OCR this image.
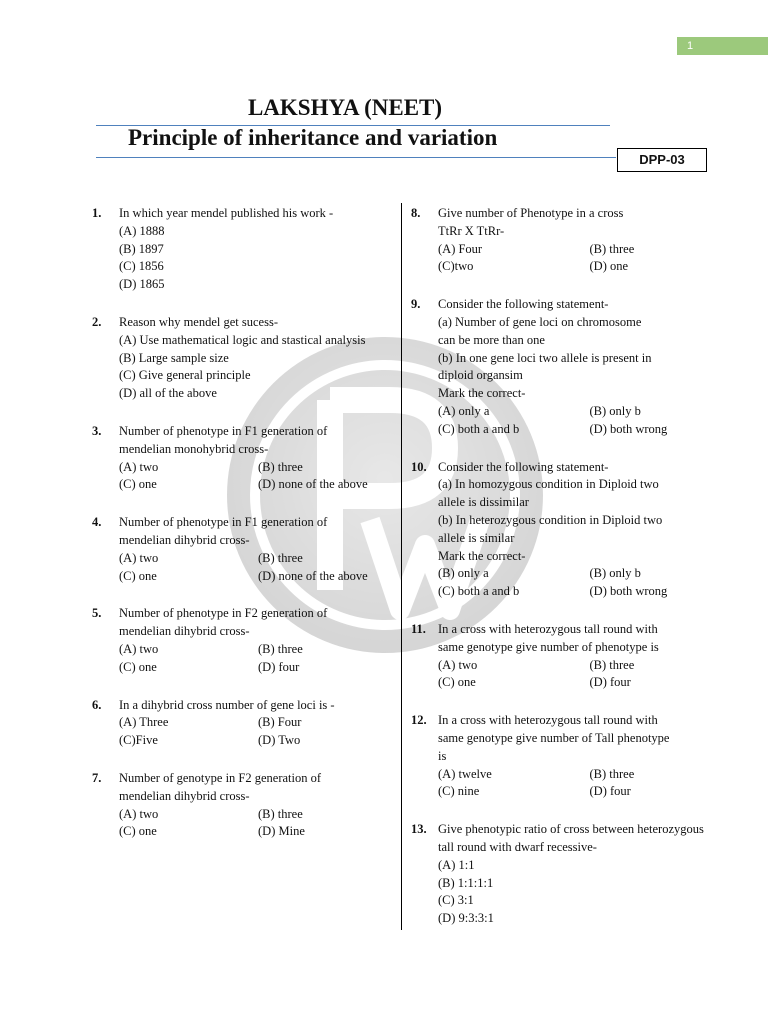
1
LAKSHYA (NEET)
Principle of inheritance and variation
DPP-03
1. In which year mendel published his work -
(A) 1888
(B) 1897
(C) 1856
(D) 1865
2. Reason why mendel get sucess-
(A) Use mathematical logic and stastical analysis
(B) Large sample size
(C) Give general principle
(D) all of the above
3. Number of phenotype in F1 generation of
mendelian monohybrid cross-
(A) two	(B) three
(C) one	(D) none of the above
4. Number of phenotype in F1 generation of
mendelian dihybrid cross-
(A) two	(B) three
(C) one	(D) none of the above
5. Number of phenotype in F2 generation of
mendelian dihybrid cross-
(A) two	(B) three
(C) one	(D) four
6. In a dihybrid cross number of gene loci is -
(A) Three	(B) Four
(C)Five	(D) Two
7. Number of genotype in F2 generation of
mendelian dihybrid cross-
(A) two	(B) three
(C) one	(D) Mine
8. Give number of Phenotype in a cross
TtRr X TtRr-
(A) Four	(B) three
(C)two	(D) one
9. Consider the following statement-
(a) Number of gene loci on chromosome
can be more than one
(b) In one gene loci two allele is present in
diploid organsim
Mark the correct-
(A) only a	(B) only b
(C) both a and b	(D) both wrong
10. Consider the following statement-
(a) In homozygous condition in Diploid two
allele is dissimilar
(b) In heterozygous condition in Diploid two
allele is similar
Mark the correct-
(B) only a	(B) only b
(C) both a and b	(D) both wrong
11. In a cross with heterozygous tall round with
same genotype give number of phenotype is
(A) two	(B) three
(C) one	(D) four
12. In a cross with heterozygous tall round with
same genotype give number of Tall phenotype
is
(A) twelve	(B) three
(C) nine	(D) four
13. Give phenotypic ratio of cross between heterozygous
tall round with dwarf recessive-
(A) 1:1
(B) 1:1:1:1
(C) 3:1
(D) 9:3:3:1
